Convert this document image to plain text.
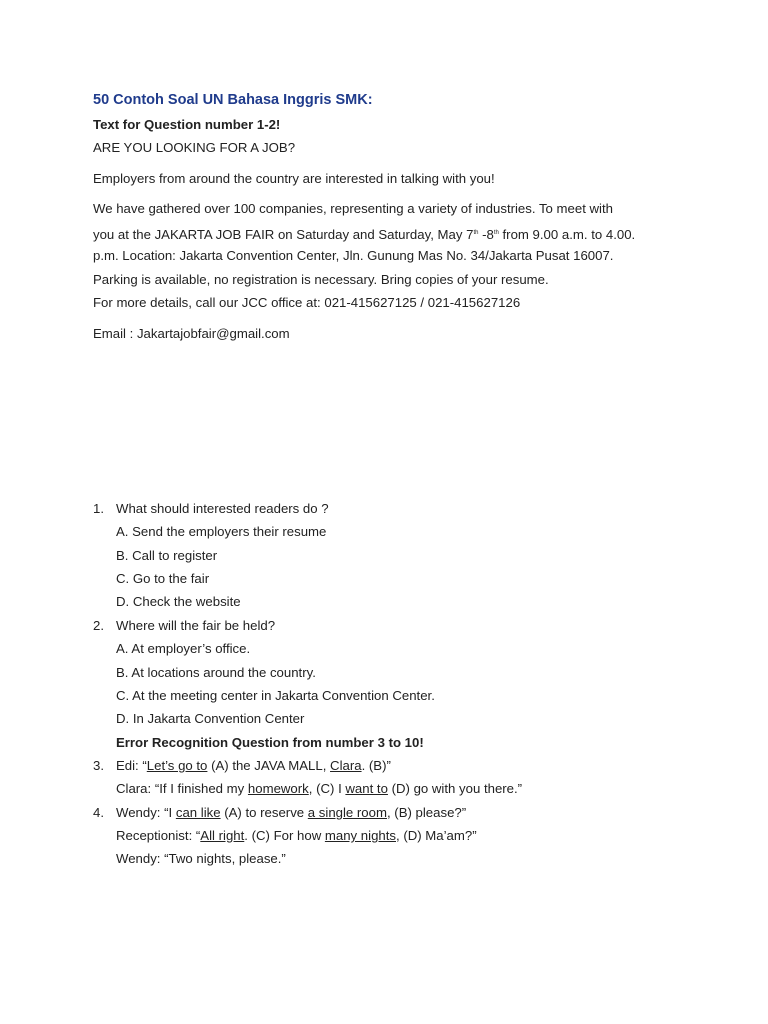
50 Contoh Soal UN Bahasa Inggris SMK:
Text for Question number 1-2!
ARE YOU LOOKING FOR A JOB?
Employers from around the country are interested in talking with you!
We have gathered over 100 companies, representing a variety of industries. To meet with
you at the JAKARTA JOB FAIR on Saturday and Saturday, May 7th -8th from 9.00 a.m. to 4.00.
p.m. Location: Jakarta Convention Center, Jln. Gunung Mas No. 34/Jakarta Pusat 16007.
Parking is available, no registration is necessary. Bring copies of your resume.
For more details, call our JCC office at: 021-415627125 / 021-415627126
Email : Jakartajobfair@gmail.com
1. What should interested readers do ?
A. Send the employers their resume
B. Call to register
C. Go to the fair
D. Check the website
2. Where will the fair be held?
A. At employer’s office.
B. At locations around the country.
C. At the meeting center in Jakarta Convention Center.
D. In Jakarta Convention Center
Error Recognition Question from number 3 to 10!
3. Edi: “Let’s go to (A) the JAVA MALL, Clara. (B)”
Clara: “If I finished my homework, (C) I want to (D) go with you there.”
4. Wendy: “I can like (A) to reserve a single room, (B) please?”
Receptionist: “All right. (C) For how many nights, (D) Ma’am?”
Wendy: “Two nights, please.”
